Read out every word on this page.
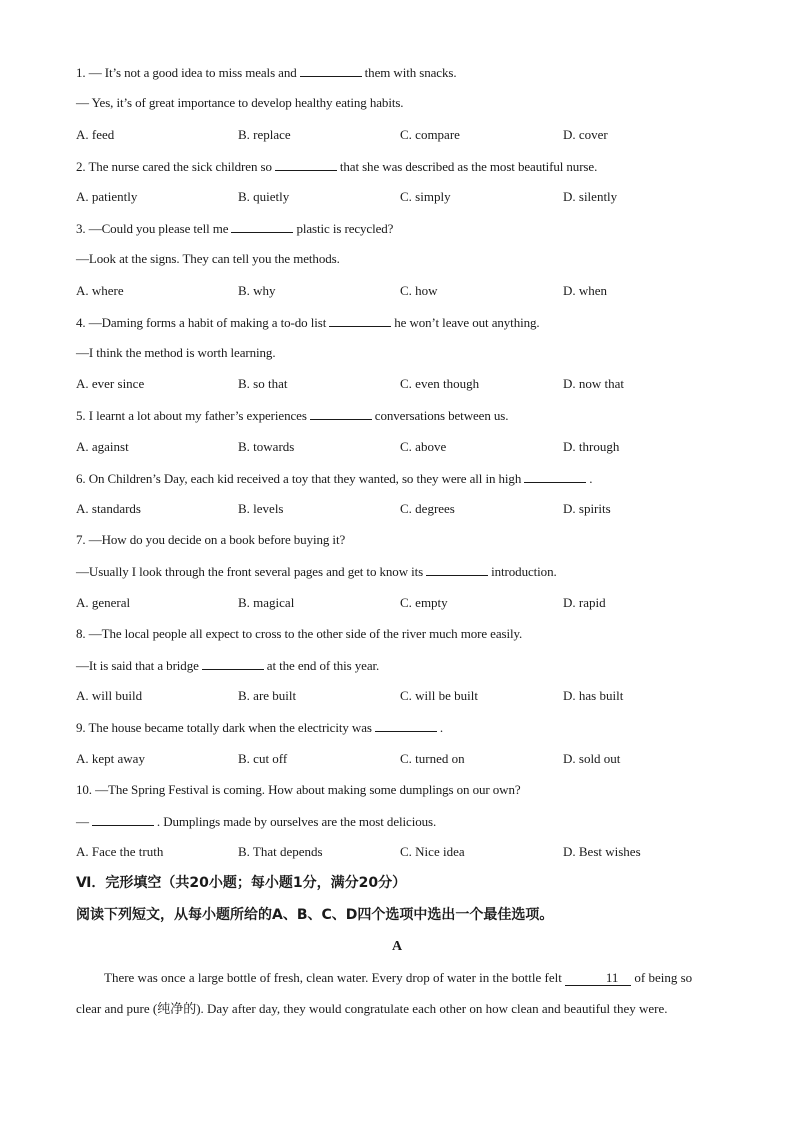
1. — It’s not a good idea to miss meals and	them with snacks.
— Yes, it’s of great importance to develop healthy eating habits.
A. feed	B. replace	C. compare	D. cover
2. The nurse cared the sick children so	that she was described as the most beautiful nurse.
A. patiently	B. quietly	C. simply	D. silently
3. —Could you please tell me	plastic is recycled?
—Look at the signs. They can tell you the methods.
A. where	B. why	C. how	D. when
4. —Daming forms a habit of making a to-do list	he won’t leave out anything.
—I think the method is worth learning.
A. ever since	B. so that	C. even though	D. now that
5. I learnt a lot about my father’s experiences	conversations between us.
A. against	B. towards	C. above	D. through
6. On Children’s Day, each kid received a toy that they wanted, so they were all in high	.
A. standards	B. levels	C. degrees	D. spirits
7. —How do you decide on a book before buying it?
—Usually I look through the front several pages and get to know its	introduction.
A. general	B. magical	C. empty	D. rapid
8. —The local people all expect to cross to the other side of the river much more easily.
—It is said that a bridge	at the end of this year.
A. will build	B. are built	C. will be built	D. has built
9. The house became totally dark when the electricity was	.
A. kept away	B. cut off	C. turned on	D. sold out
10. —The Spring Festival is coming. How about making some dumplings on our own?
—	. Dumplings made by ourselves are the most delicious.
A. Face the truth	B. That depends	C. Nice idea	D. Best wishes
Ⅵ．完形填空（共20小题；每小题1分，满分20分）
阅读下列短文，从每小题所给的A、B、C、D四个选项中选出一个最佳选项。
A
There was once a large bottle of fresh, clean water. Every drop of water in the bottle felt	11 of being so clear and pure (纯净的). Day after day, they would congratulate each other on how clean and beautiful they were.
